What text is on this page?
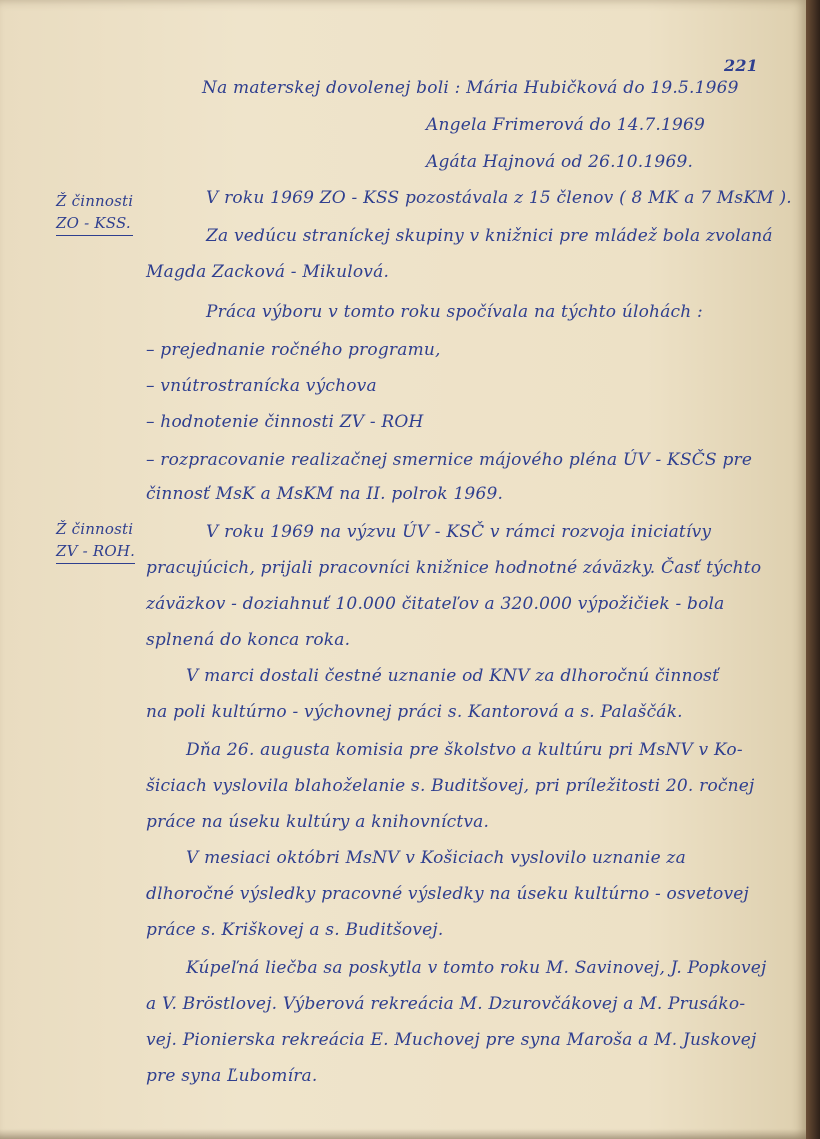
221
Ž činnosti
ZO - KSS.
Ž činnosti
ZV - ROH.
Na materskej dovolenej boli : Mária Hubičková do 19.5.1969
Angela Frimerová do 14.7.1969
Agáta Hajnová od 26.10.1969.
V roku 1969 ZO - KSS pozostávala z 15 členov ( 8 MK a 7 MsKM ).
Za vedúcu straníckej skupiny v knižnici pre mládež bola zvolaná
Magda Zacková - Mikulová.
Práca výboru v tomto roku spočívala na týchto úlohách :
– prejednanie ročného programu,
– vnútrostranícka výchova
– hodnotenie činnosti ZV - ROH
– rozpracovanie realizačnej smernice májového pléna ÚV - KSČS pre
činnosť MsK a MsKM na II. polrok 1969.
V roku 1969 na výzvu ÚV - KSČ v rámci rozvoja iniciatívy
pracujúcich, prijali pracovníci knižnice hodnotné záväzky. Časť týchto
záväzkov - doziahnuť 10.000 čitateľov a 320.000 výpožičiek - bola
splnená do konca roka.
V marci dostali čestné uznanie od KNV za dlhoročnú činnosť
na poli kultúrno - výchovnej práci s. Kantorová a s. Palaščák.
Dňa 26. augusta komisia pre školstvo a kultúru pri MsNV v Ko-
šiciach vyslovila blahoželanie s. Buditšovej, pri príležitosti 20. ročnej
práce na úseku kultúry a knihovníctva.
V mesiaci októbri MsNV v Košiciach vyslovilo uznanie za
dlhoročné výsledky pracovné výsledky na úseku kultúrno - osvetovej
práce s. Kriškovej a s. Buditšovej.
Kúpeľná liečba sa poskytla v tomto roku M. Savinovej, J. Popkovej
a V. Bröstlovej. Výberová rekreácia M. Dzurovčákovej a M. Prusáko-
vej. Pionierska rekreácia E. Muchovej pre syna Maroša a M. Juskovej
pre syna Ľubomíra.
